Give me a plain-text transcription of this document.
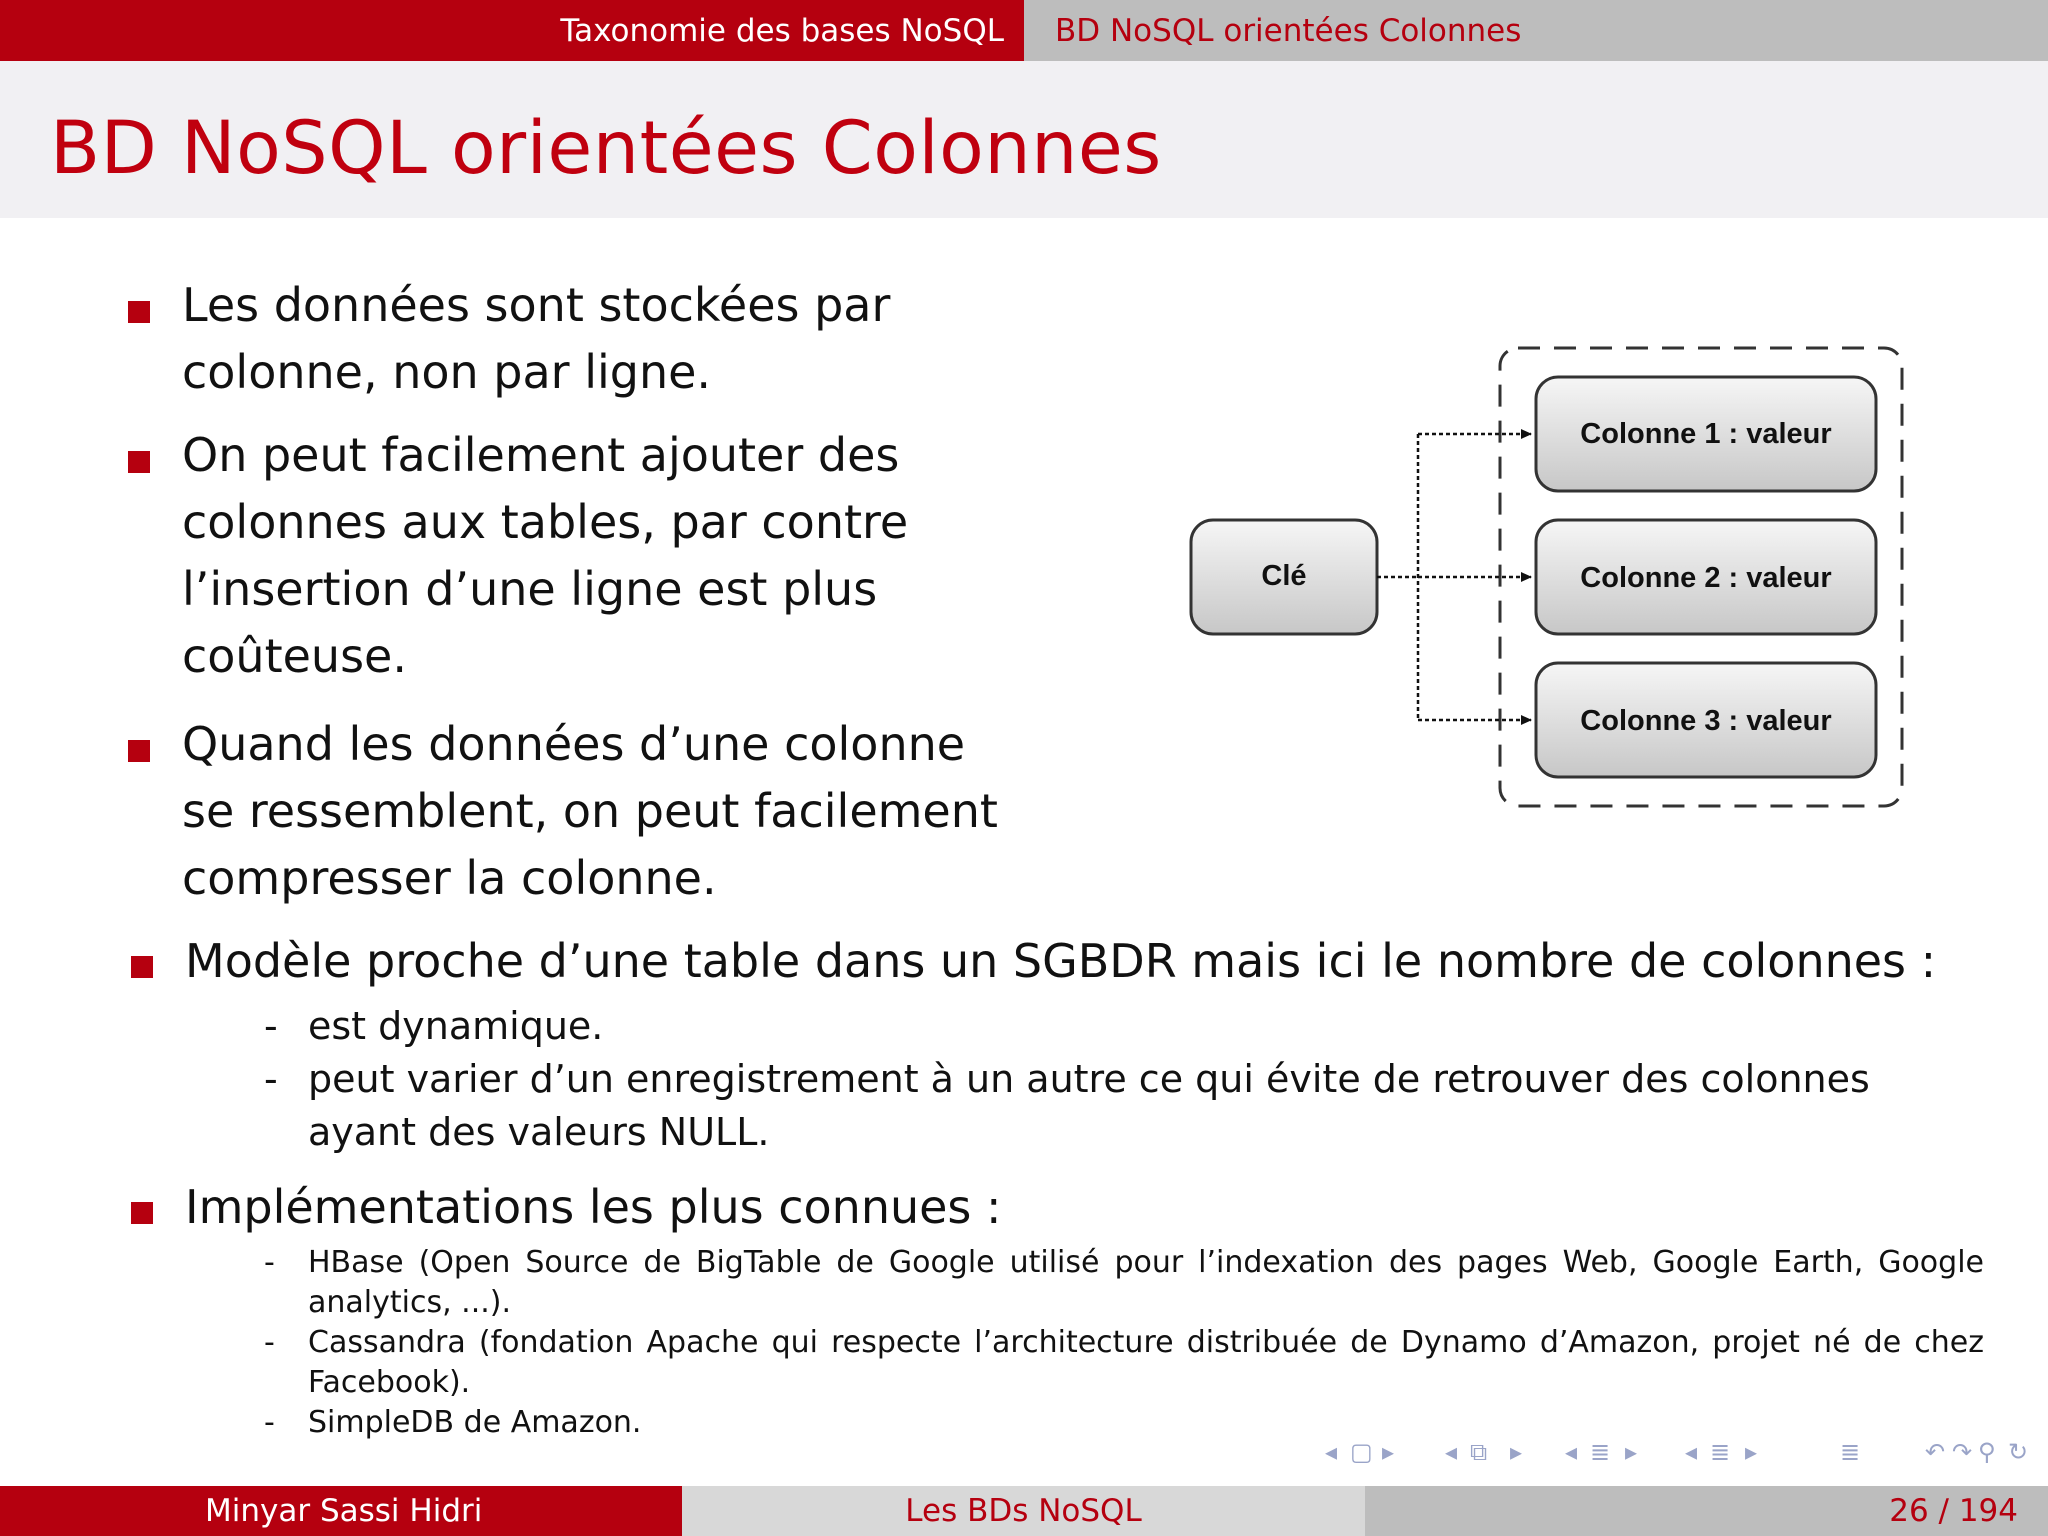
Taxonomie des bases NoSQL	BD NoSQL orientées Colonnes
BD NoSQL orientées Colonnes
Les données sont stockées par
colonne, non par ligne.
On peut facilement ajouter des
colonnes aux tables, par contre
l’insertion d’une ligne est plus
coûteuse.
Quand les données d’une colonne
se ressemblent, on peut facilement
compresser la colonne.
Modèle proche d’une table dans un SGBDR mais ici le nombre de colonnes :
- est dynamique.
- peut varier d’un enregistrement à un autre ce qui évite de retrouver des colonnes
ayant des valeurs NULL.
Implémentations les plus connues :
- HBase (Open Source de BigTable de Google utilisé pour l’indexation des pages Web, Google Earth, Google
analytics, ...).
- Cassandra (fondation Apache qui respecte l’architecture distribuée de Dynamo d’Amazon, projet né de chez
Facebook).
- SimpleDB de Amazon.
Clé
Colonne 1 : valeur
Colonne 2 : valeur
Colonne 3 : valeur
◂ ▢ ▸ ◂ ⧉ ▸ ◂ ≣ ▸ ◂ ≣ ▸	≣	↶ ↷ ⚲ ↻
Minyar Sassi Hidri	Les BDs NoSQL	26 / 194
